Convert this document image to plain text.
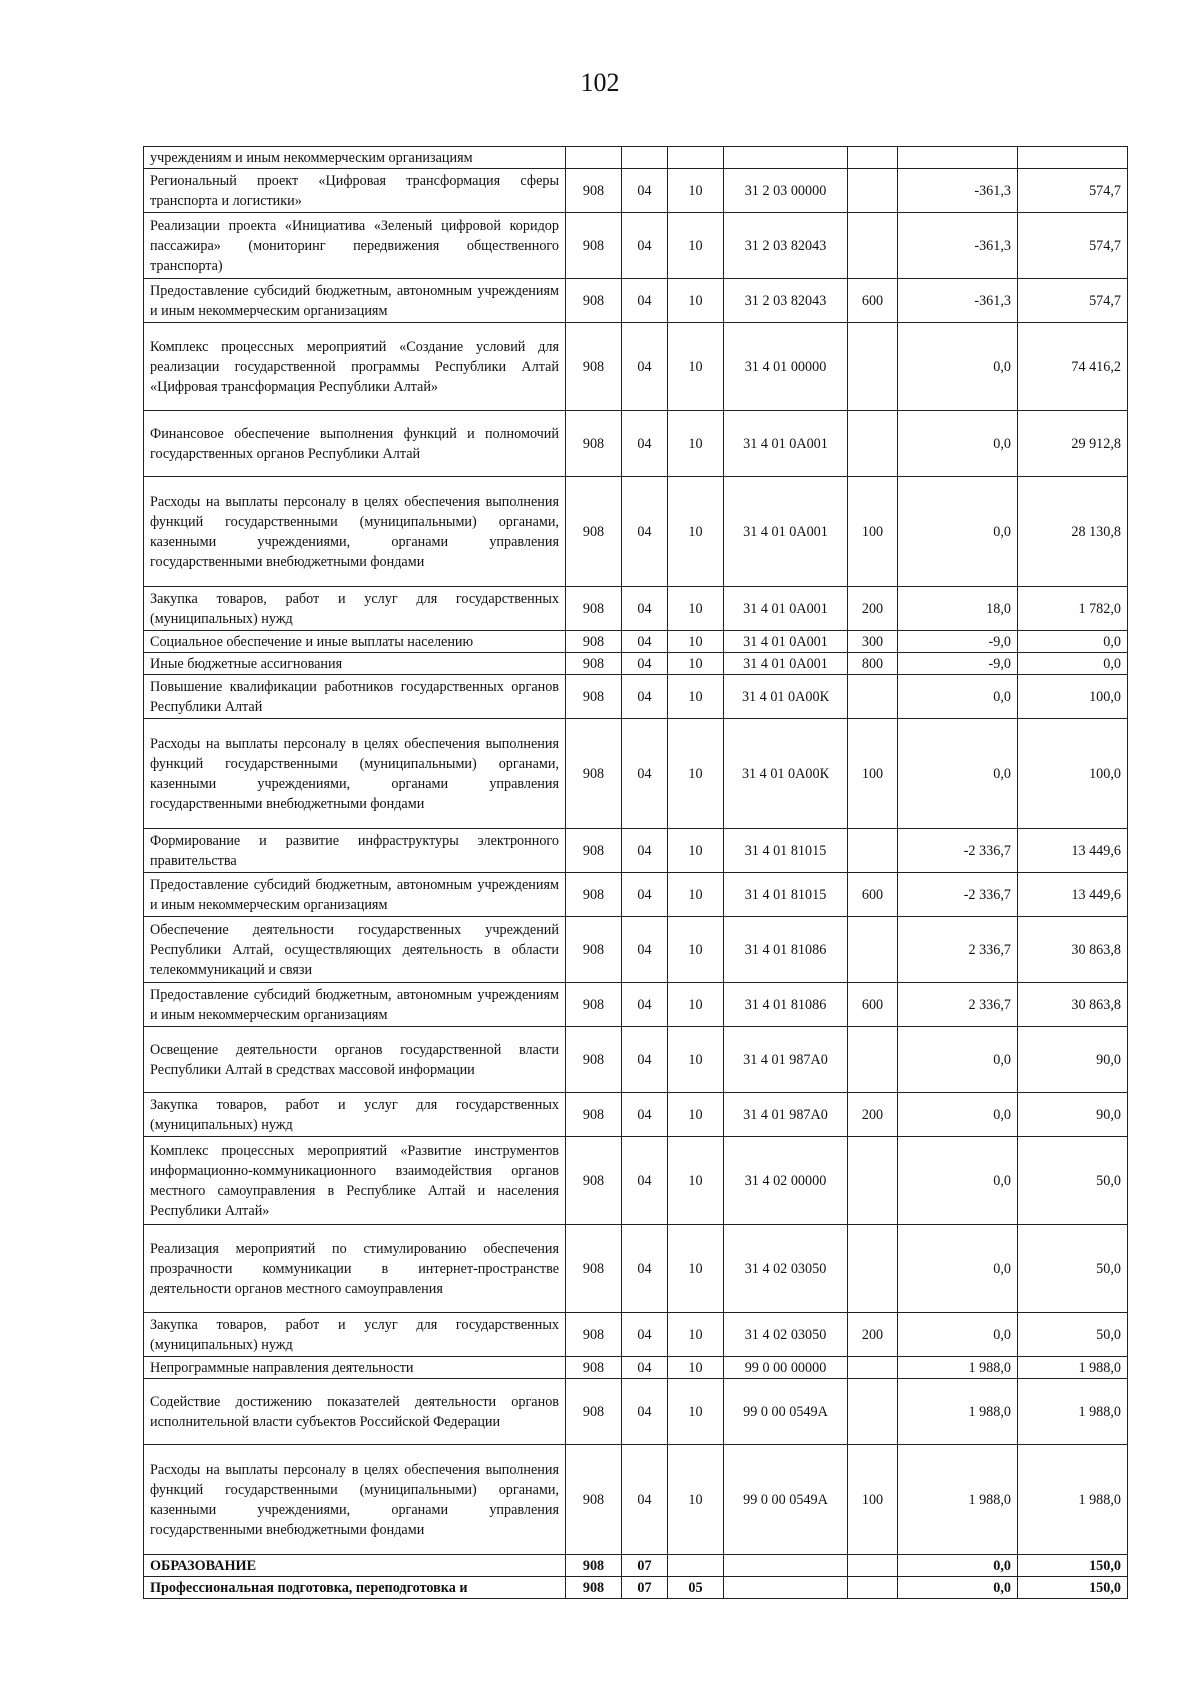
102
учреждениям и иным некоммерческим организациям							
Региональный проект «Цифровая трансформация сферы транспорта и логистики»	908	04	10	31 2 03 00000		-361,3	574,7
Реализации проекта «Инициатива «Зеленый цифровой коридор пассажира» (мониторинг передвижения общественного транспорта)	908	04	10	31 2 03 82043		-361,3	574,7
Предоставление субсидий бюджетным, автономным учреждениям и иным некоммерческим организациям	908	04	10	31 2 03 82043	600	-361,3	574,7
Комплекс процессных мероприятий «Создание условий для реализации государственной программы Республики Алтай «Цифровая трансформация Республики Алтай»	908	04	10	31 4 01 00000		0,0	74 416,2
Финансовое обеспечение выполнения функций и полномочий государственных органов Республики Алтай	908	04	10	31 4 01 0А001		0,0	29 912,8
Расходы на выплаты персоналу в целях обеспечения выполнения функций государственными (муниципальными) органами, казенными учреждениями, органами управления государственными внебюджетными фондами	908	04	10	31 4 01 0А001	100	0,0	28 130,8
Закупка товаров, работ и услуг для государственных (муниципальных) нужд	908	04	10	31 4 01 0А001	200	18,0	1 782,0
Социальное обеспечение и иные выплаты населению	908	04	10	31 4 01 0А001	300	-9,0	0,0
Иные бюджетные ассигнования	908	04	10	31 4 01 0А001	800	-9,0	0,0
Повышение квалификации работников государственных органов Республики Алтай	908	04	10	31 4 01 0А00К		0,0	100,0
Расходы на выплаты персоналу в целях обеспечения выполнения функций государственными (муниципальными) органами, казенными учреждениями, органами управления государственными внебюджетными фондами	908	04	10	31 4 01 0А00К	100	0,0	100,0
Формирование и развитие инфраструктуры электронного правительства	908	04	10	31 4 01 81015		-2 336,7	13 449,6
Предоставление субсидий бюджетным, автономным учреждениям и иным некоммерческим организациям	908	04	10	31 4 01 81015	600	-2 336,7	13 449,6
Обеспечение деятельности государственных учреждений Республики Алтай, осуществляющих деятельность в области телекоммуникаций и связи	908	04	10	31 4 01 81086		2 336,7	30 863,8
Предоставление субсидий бюджетным, автономным учреждениям и иным некоммерческим организациям	908	04	10	31 4 01 81086	600	2 336,7	30 863,8
Освещение деятельности органов государственной власти Республики Алтай в средствах массовой информации	908	04	10	31 4 01 987А0		0,0	90,0
Закупка товаров, работ и услуг для государственных (муниципальных) нужд	908	04	10	31 4 01 987А0	200	0,0	90,0
Комплекс процессных мероприятий «Развитие инструментов информационно-коммуникационного взаимодействия органов местного самоуправления в Республике Алтай и населения Республики Алтай»	908	04	10	31 4 02 00000		0,0	50,0
Реализация мероприятий по стимулированию обеспечения прозрачности коммуникации в интернет-пространстве деятельности органов местного самоуправления	908	04	10	31 4 02 03050		0,0	50,0
Закупка товаров, работ и услуг для государственных (муниципальных) нужд	908	04	10	31 4 02 03050	200	0,0	50,0
Непрограммные направления деятельности	908	04	10	99 0 00 00000		1 988,0	1 988,0
Содействие достижению показателей деятельности органов исполнительной власти субъектов Российской Федерации	908	04	10	99 0 00 0549А		1 988,0	1 988,0
Расходы на выплаты персоналу в целях обеспечения выполнения функций государственными (муниципальными) органами, казенными учреждениями, органами управления государственными внебюджетными фондами	908	04	10	99 0 00 0549А	100	1 988,0	1 988,0
ОБРАЗОВАНИЕ	908	07				0,0	150,0
Профессиональная подготовка, переподготовка и	908	07	05			0,0	150,0
